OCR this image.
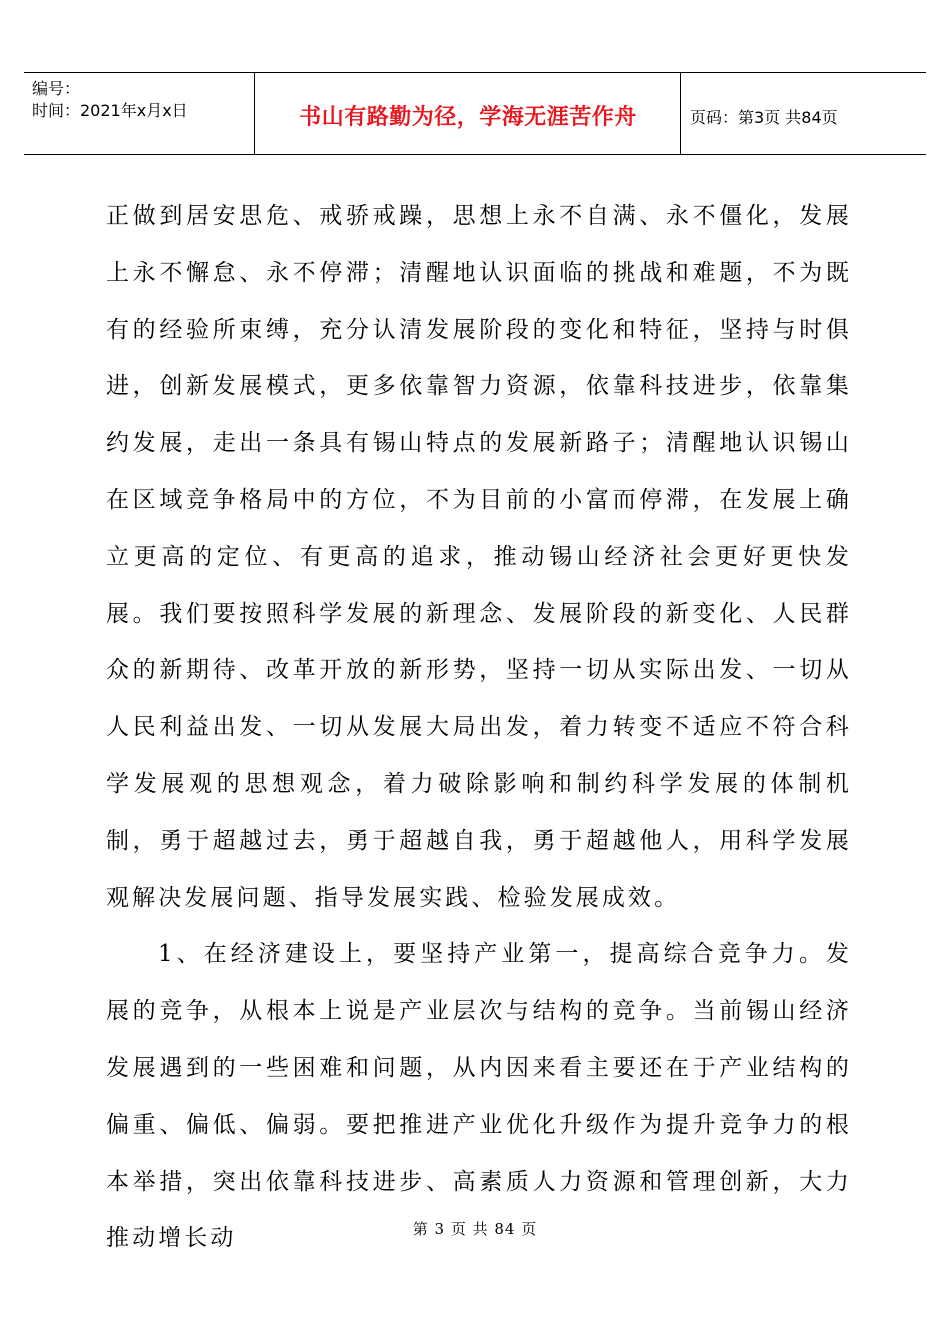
编号：
时间：2021年x月x日	书山有路勤为径，学海无涯苦作舟	页码：第3页 共84页

正做到居安思危、戒骄戒躁，思想上永不自满、永不僵化，发展上永不懈怠、永不停滞；清醒地认识面临的挑战和难题，不为既有的经验所束缚，充分认清发展阶段的变化和特征，坚持与时俱进，创新发展模式，更多依靠智力资源，依靠科技进步，依靠集约发展，走出一条具有锡山特点的发展新路子；清醒地认识锡山在区域竞争格局中的方位，不为目前的小富而停滞，在发展上确立更高的定位、有更高的追求，推动锡山经济社会更好更快发展。我们要按照科学发展的新理念、发展阶段的新变化、人民群众的新期待、改革开放的新形势，坚持一切从实际出发、一切从人民利益出发、一切从发展大局出发，着力转变不适应不符合科学发展观的思想观念，着力破除影响和制约科学发展的体制机制，勇于超越过去，勇于超越自我，勇于超越他人，用科学发展观解决发展问题、指导发展实践、检验发展成效。

1、在经济建设上，要坚持产业第一，提高综合竞争力。发展的竞争，从根本上说是产业层次与结构的竞争。当前锡山经济发展遇到的一些困难和问题，从内因来看主要还在于产业结构的偏重、偏低、偏弱。要把推进产业优化升级作为提升竞争力的根本举措，突出依靠科技进步、高素质人力资源和管理创新，大力推动增长动	第 3 页 共 84 页
